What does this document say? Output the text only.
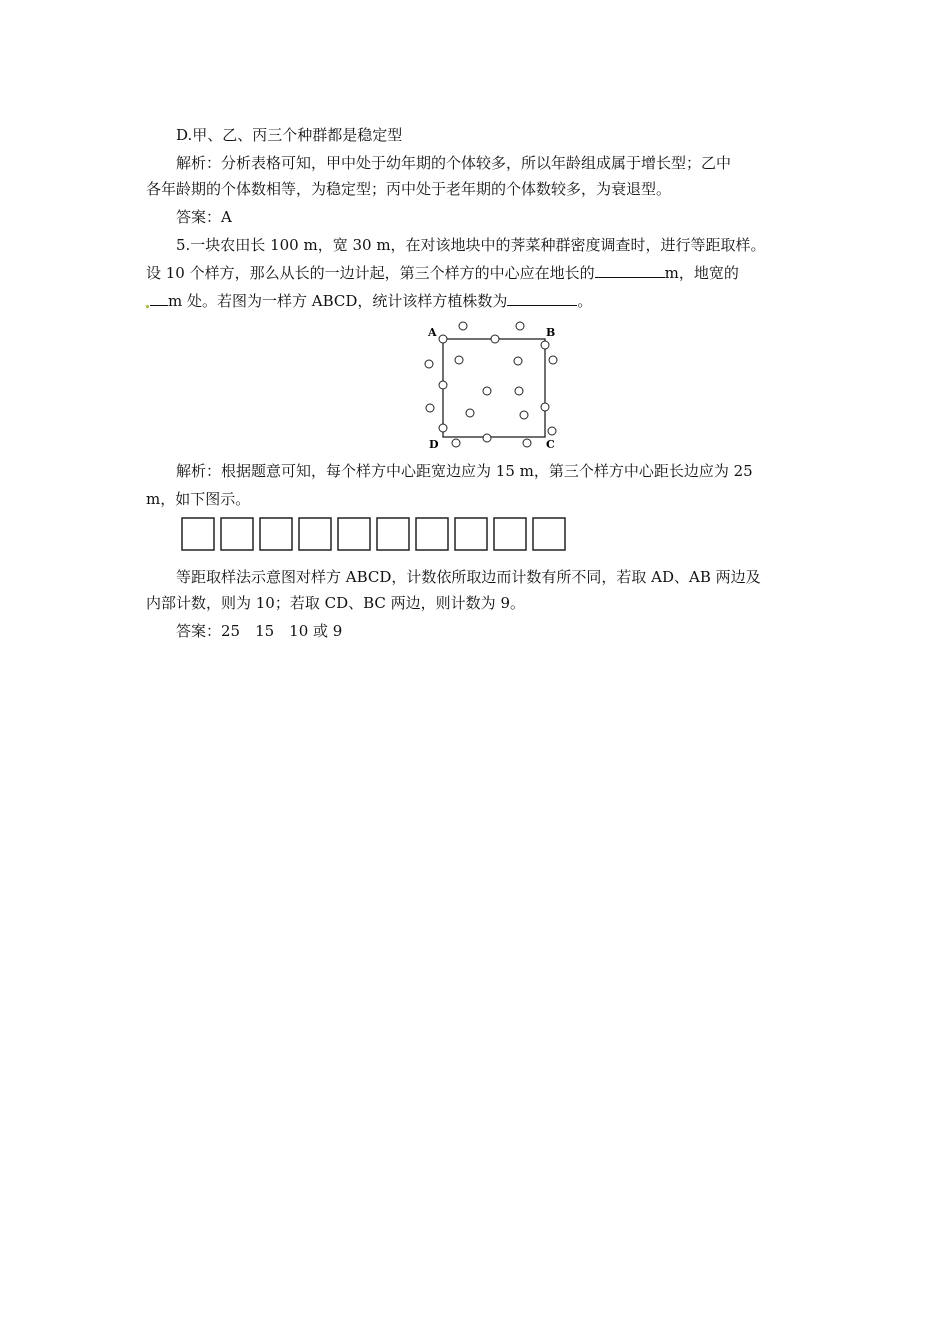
D.甲、乙、丙三个种群都是稳定型
解析：分析表格可知，甲中处于幼年期的个体较多，所以年龄组成属于增长型；乙中
各年龄期的个体数相等，为稳定型；丙中处于老年期的个体数较多，为衰退型。
答案：A
5.一块农田长 100 m，宽 30 m，在对该地块中的荠菜种群密度调查时，进行等距取样。
设 10 个样方，那么从长的一边计起，第三个样方的中心应在地长的	m，地宽的
m 处。若图为一样方 ABCD，统计该样方植株数为	。
A	B
C
D
解析：根据题意可知，每个样方中心距宽边应为 15 m，第三个样方中心距长边应为 25
m，如下图示。
等距取样法示意图对样方 ABCD，计数依所取边而计数有所不同，若取 AD、AB 两边及
内部计数，则为 10；若取 CD、BC 两边，则计数为 9。
答案：25　15　10 或 9
